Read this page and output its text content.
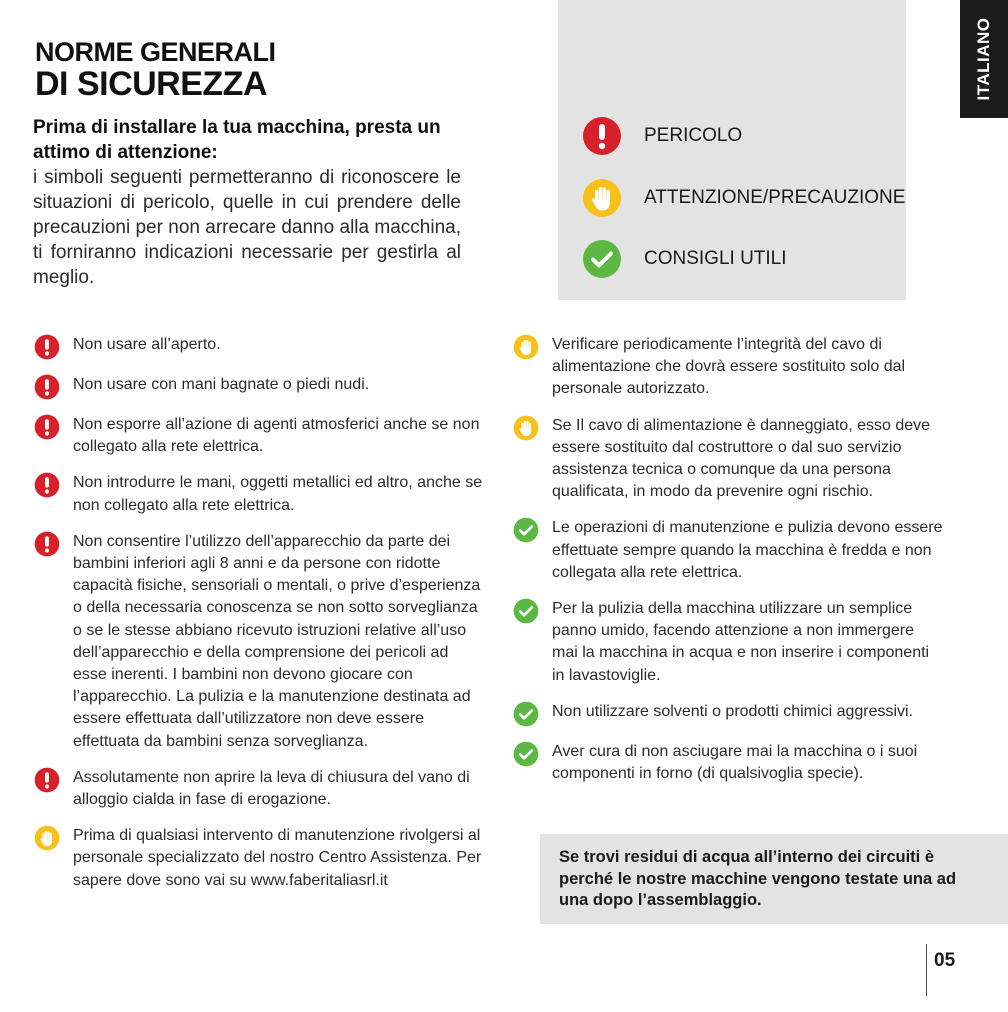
NORME GENERALI
DI SICUREZZA
Prima di installare la tua macchina, presta un attimo di attenzione:
i simboli seguenti permetteranno di riconoscere le situazioni di pericolo, quelle in cui prendere delle precauzioni per non arrecare danno alla macchina, ti forniranno indicazioni necessarie per gestirla al meglio.
PERICOLO
ATTENZIONE/PRECAUZIONE
CONSIGLI UTILI
ITALIANO
Non usare all’aperto.
Non usare con mani bagnate o piedi nudi.
Non esporre all’azione di agenti atmosferici anche se non collegato alla rete elettrica.
Non introdurre le mani, oggetti metallici ed altro, anche se non collegato alla rete elettrica.
Non consentire l’utilizzo dell’apparecchio da parte dei bambini inferiori agli 8 anni e da persone con ridotte capacità fisiche, sensoriali o mentali, o prive d’esperienza o della necessaria conoscenza se non sotto sorveglianza o se le stesse abbiano ricevuto istruzioni relative all’uso dell’apparecchio e della comprensione dei pericoli ad esse inerenti. I bambini non devono giocare con l’apparecchio. La pulizia e la manutenzione destinata ad essere effettuata dall’utilizzatore non deve essere effettuata da bambini senza sorveglianza.
Assolutamente non aprire la leva di chiusura del vano di alloggio cialda in fase di erogazione.
Prima di qualsiasi intervento di manutenzione rivolgersi al personale specializzato del nostro Centro Assistenza. Per sapere dove sono vai su www.faberitaliasrl.it
Verificare periodicamente l’integrità del cavo di alimentazione che dovrà essere sostituito solo dal personale autorizzato.
Se Il cavo di alimentazione è danneggiato, esso deve essere sostituito dal costruttore o dal suo servizio assistenza tecnica o comunque da una persona qualificata, in modo da prevenire ogni rischio.
Le operazioni di manutenzione e pulizia devono essere effettuate sempre quando la macchina è fredda e non collegata alla rete elettrica.
Per la pulizia della macchina utilizzare un semplice panno umido, facendo attenzione a non immergere mai la macchina in acqua e non inserire i componenti in lavastoviglie.
Non utilizzare solventi o prodotti chimici aggressivi.
Aver cura di non asciugare mai la macchina o i suoi componenti in forno (di qualsivoglia specie).

Se trovi residui di acqua all’interno dei circuiti è perché le nostre macchine vengono testate una ad una dopo l’assemblaggio.

05
